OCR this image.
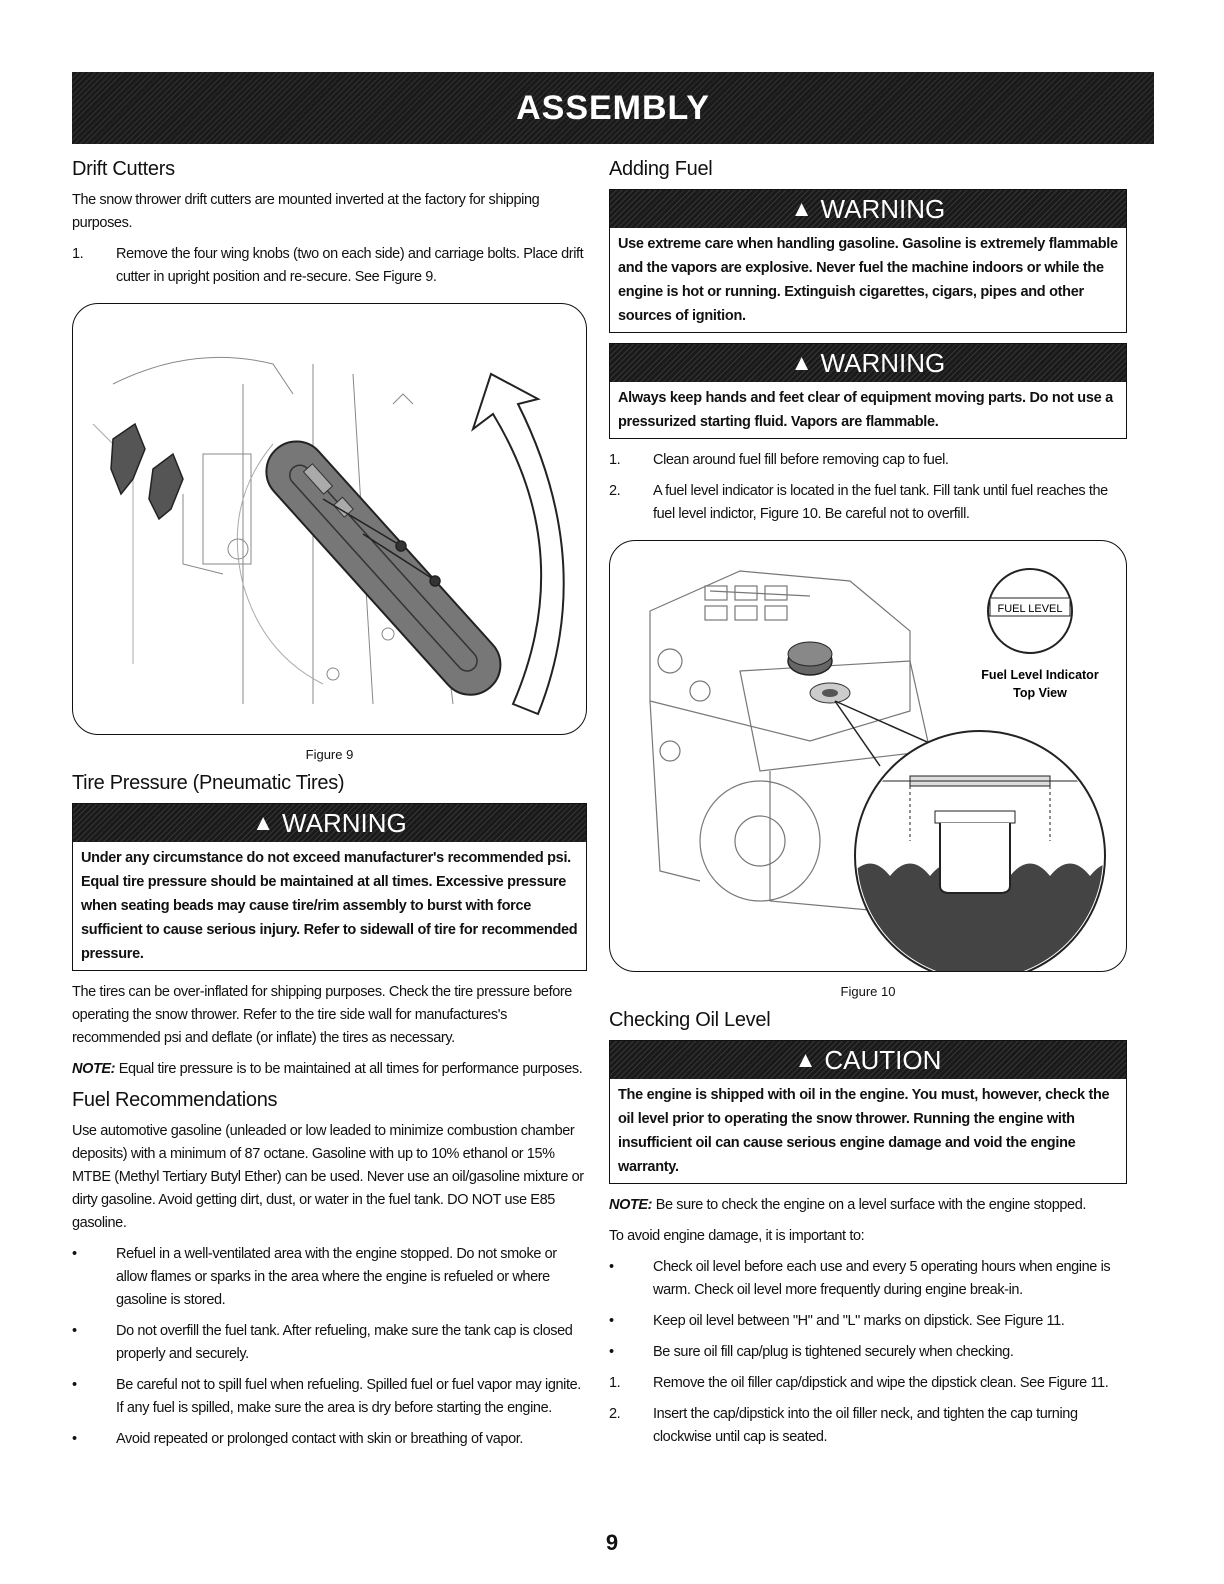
ASSEMBLY
Drift Cutters

The snow thrower drift cutters are mounted inverted at the factory for shipping purposes.

1. Remove the four wing knobs (two on each side) and carriage bolts. Place drift cutter in upright position and re-secure. See Figure 9.
Figure 9
Tire Pressure (Pneumatic Tires)
▲ WARNING
Under any circumstance do not exceed manufacturer's recommended psi. Equal tire pressure should be maintained at all times. Excessive pressure when seating beads may cause tire/rim assembly to burst with force sufficient to cause serious injury. Refer to sidewall of tire for recommended pressure.

The tires can be over-inflated for shipping purposes. Check the tire pressure before operating the snow thrower. Refer to the tire side wall for manufactures's recommended psi and deflate (or inflate) the tires as necessary.

NOTE: Equal tire pressure is to be maintained at all times for performance purposes.

Fuel Recommendations

Use automotive gasoline (unleaded or low leaded to minimize combustion chamber deposits) with a minimum of 87 octane. Gasoline with up to 10% ethanol or 15% MTBE (Methyl Tertiary Butyl Ether) can be used. Never use an oil/gasoline mixture or dirty gasoline. Avoid getting dirt, dust, or water in the fuel tank. DO NOT use E85 gasoline.

•	Refuel in a well-ventilated area with the engine stopped. Do not smoke or allow flames or sparks in the area where the engine is refueled or where gasoline is stored.
•	Do not overfill the fuel tank. After refueling, make sure the tank cap is closed properly and securely.
•	Be careful not to spill fuel when refueling. Spilled fuel or fuel vapor may ignite. If any fuel is spilled, make sure the area is dry before starting the engine.
•	Avoid repeated or prolonged contact with skin or breathing of vapor.
Adding Fuel
▲ WARNING
Use extreme care when handling gasoline. Gasoline is extremely flammable and the vapors are explosive. Never fuel the machine indoors or while the engine is hot or running. Extinguish cigarettes, cigars, pipes and other sources of ignition.
▲ WARNING
Always keep hands and feet clear of equipment moving parts. Do not use a pressurized starting fluid. Vapors are flammable.
1. Clean around fuel fill before removing cap to fuel.
2. A fuel level indicator is located in the fuel tank. Fill tank until fuel reaches the fuel level indictor, Figure 10. Be careful not to overfill.
FUEL LEVEL
Fuel Level Indicator
Top View
Figure 10
Checking Oil Level
▲ CAUTION
The engine is shipped with oil in the engine. You must, however, check the oil level prior to operating the snow thrower. Running the engine with insufficient oil can cause serious engine damage and void the engine warranty.

NOTE: Be sure to check the engine on a level surface with the engine stopped.

To avoid engine damage, it is important to:

•	Check oil level before each use and every 5 operating hours when engine is warm. Check oil level more frequently during engine break-in.
•	Keep oil level between "H" and "L" marks on dipstick. See Figure 11.
•	Be sure oil fill cap/plug is tightened securely when checking.
1. Remove the oil filler cap/dipstick and wipe the dipstick clean. See Figure 11.
2. Insert the cap/dipstick into the oil filler neck, and tighten the cap turning clockwise until cap is seated.
9
